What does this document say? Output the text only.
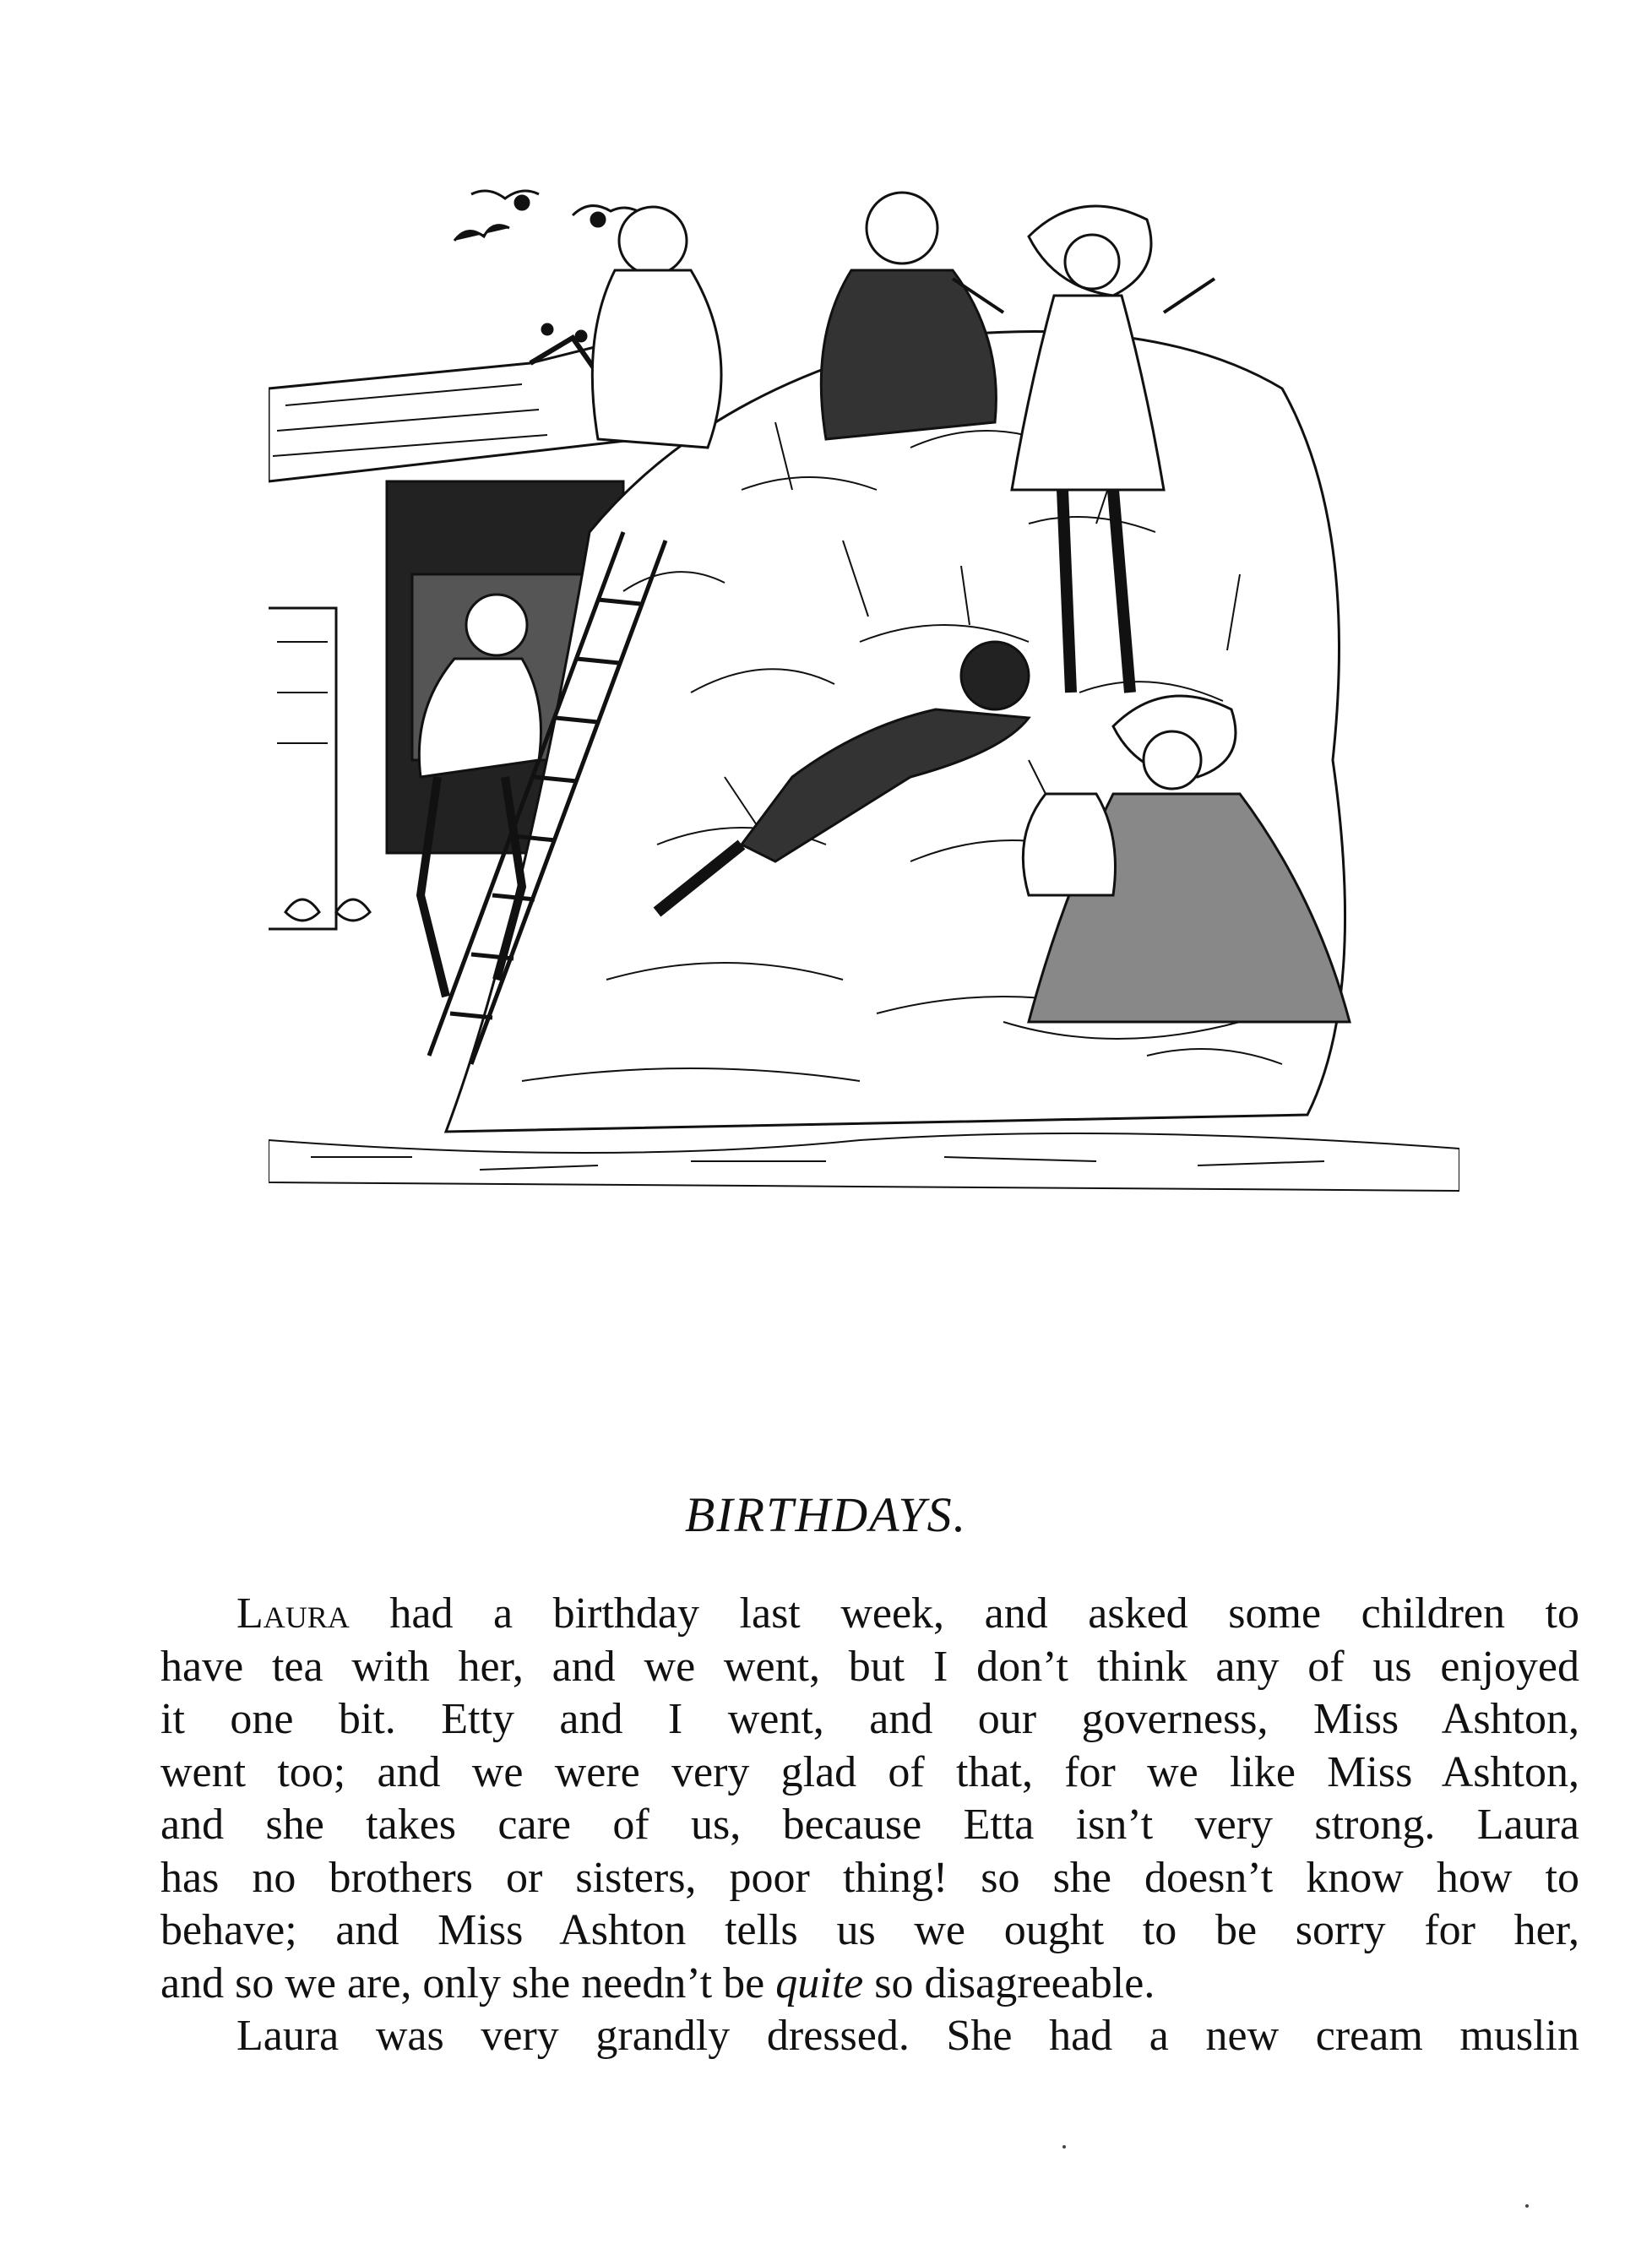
BIRTHDAYS.
Laura had a birthday last week, and asked some children to
have tea with her, and we went, but I don’t think any of us enjoyed
it one bit. Etty and I went, and our governess, Miss Ashton,
went too; and we were very glad of that, for we like Miss Ashton,
and she takes care of us, because Etta isn’t very strong. Laura
has no brothers or sisters, poor thing! so she doesn’t know how to
behave; and Miss Ashton tells us we ought to be sorry for her,
and so we are, only she needn’t be quite so disagreeable.
Laura was very grandly dressed. She had a new cream muslin
